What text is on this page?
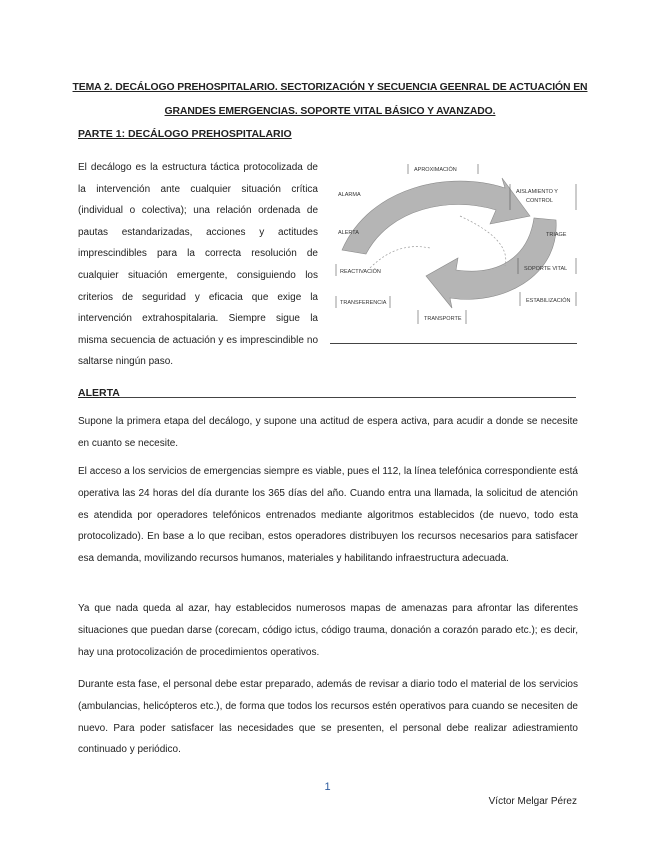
TEMA 2. DECÁLOGO PREHOSPITALARIO. SECTORIZACIÓN Y SECUENCIA GEENRAL DE ACTUACIÓN EN GRANDES EMERGENCIAS. SOPORTE VITAL BÁSICO Y AVANZADO.
PARTE 1: DECÁLOGO PREHOSPITALARIO
El decálogo es la estructura táctica protocolizada de la intervención ante cualquier situación crítica (individual o colectiva); una relación ordenada de pautas estandarizadas, acciones y actitudes imprescindibles para la correcta resolución de cualquier situación emergente, consiguiendo los criterios de seguridad y eficacia que exige la intervención extrahospitalaria. Siempre sigue la misma secuencia de actuación y es imprescindible no saltarse ningún paso.
APROXIMACIÓN
ALARMA	AISLAMIENTO Y
CONTROL
ALERTA	TRIAGE
REACTIVACIÓN	SOPORTE VITAL
TRANSFERENCIA	ESTABILIZACIÓN
TRANSPORTE
ALERTA

Supone la primera etapa del decálogo, y supone una actitud de espera activa, para acudir a donde se necesite en cuanto se necesite.

El acceso a los servicios de emergencias siempre es viable, pues el 112, la línea telefónica correspondiente está operativa las 24 horas del día durante los 365 días del año. Cuando entra una llamada, la solicitud de atención es atendida por operadores telefónicos entrenados mediante algoritmos establecidos (de nuevo, todo esta protocolizado). En base a lo que reciban, estos operadores distribuyen los recursos necesarios para satisfacer esa demanda, movilizando recursos humanos, materiales y habilitando infraestructura adecuada.

Ya que nada queda al azar, hay establecidos numerosos mapas de amenazas para afrontar las diferentes situaciones que puedan darse (corecam, código ictus, código trauma, donación a corazón parado etc.); es decir, hay una protocolización de procedimientos operativos.

Durante esta fase, el personal debe estar preparado, además de revisar a diario todo el material de los servicios (ambulancias, helicópteros etc.), de forma que todos los recursos estén operativos para cuando se necesiten de nuevo. Para poder satisfacer las necesidades que se presenten, el personal debe realizar adiestramiento continuado y periódico.

1
Víctor Melgar Pérez
